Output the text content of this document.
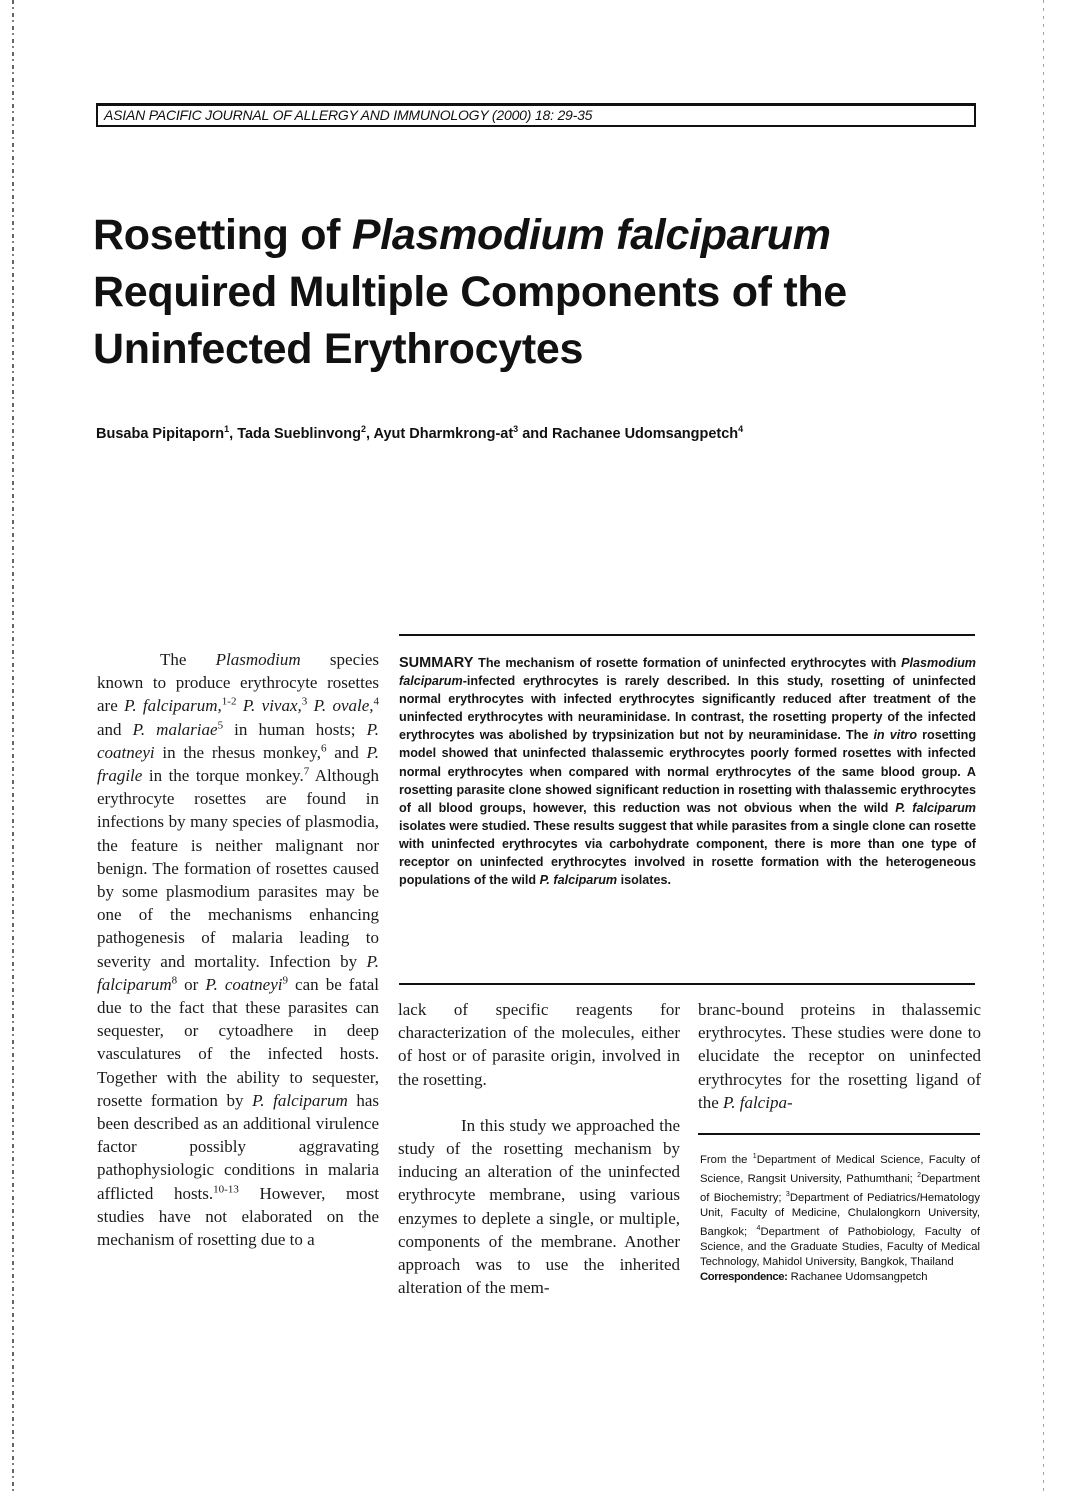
ASIAN PACIFIC JOURNAL OF ALLERGY AND IMMUNOLOGY (2000) 18: 29-35
Rosetting of Plasmodium falciparum
Required Multiple Components of the
Uninfected Erythrocytes
Busaba Pipitaporn$^1$, Tada Sueblinvong$^2$, Ayut Dharmkrong-$at^3$ and Rachanee Udomsangpetch$^4$
SUMMARY The mechanism of rosette formation of uninfected erythrocytes with Plasmodium falciparum-infected erythrocytes is rarely described. In this study, rosetting of uninfected normal erythrocytes with infected erythrocytes significantly reduced after treatment of the uninfected erythrocytes with neuraminidase. In contrast, the rosetting property of the infected erythrocytes was abolished by trypsinization but not by neuraminidase. The in vitro rosetting model showed that uninfected thalassemic erythrocytes poorly formed rosettes with infected normal erythrocytes when compared with normal erythrocytes of the same blood group. A rosetting parasite clone showed significant reduction in rosetting with thalassemic erythrocytes of all blood groups, however, this reduction was not obvious when the wild P. falciparum isolates were studied. These results suggest that while parasites from a single clone can rosette with uninfected erythrocytes via carbohydrate component, there is more than one type of receptor on uninfected erythrocytes involved in rosette formation with the heterogeneous populations of the wild P. falciparum isolates.

The Plasmodium species known to produce erythrocyte rosettes are P. falciparum,$^{1-2}$ P. vivax,$^3$ P. ovale,$^4$ and P. malariae$^5$ in human hosts; P. coatneyi in the rhesus monkey,$^6$ and P. fragile in the torque monkey.$^7$ Although erythrocyte rosettes are found in infections by many species of plasmodia, the feature is neither malignant nor benign. The formation of rosettes caused by some plasmodium parasites may be one of the mechanisms enhancing pathogenesis of malaria leading to severity and mortality. Infection by P. falciparum$^8$ or P. coatneyi$^9$ can be fatal due to the fact that these parasites can sequester, or cytoadhere in deep vasculatures of the infected hosts. Together with the ability to sequester, rosette formation by P. falciparum has been described as an additional virulence factor possibly aggravating pathophysiologic conditions in malaria afflicted hosts.$^{10-13}$ However, most studies have not elaborated on the mechanism of rosetting due to a

lack of specific reagents for characterization of the molecules, either of host or of parasite origin, involved in the rosetting.

In this study we approached the study of the rosetting mechanism by inducing an alteration of the uninfected erythrocyte membrane, using various enzymes to deplete a single, or multiple, components of the membrane. Another approach was to use the inherited alteration of the mem-

branc-bound proteins in thalassemic erythrocytes. These studies were done to elucidate the receptor on uninfected erythrocytes for the rosetting ligand of the P. falcipa-

From the $^1$Department of Medical Science, Faculty of Science, Rangsit University, Pathumthani; $^2$Department of Biochemistry; $^3$Department of Pediatrics/Hematology Unit, Faculty of Medicine, Chulalongkorn University, Bangkok; $^4$Department of Pathobiology, Faculty of Science, and the Graduate Studies, Faculty of Medical Technology, Mahidol University, Bangkok, Thailand
Correspondence: Rachanee Udomsangpetch
